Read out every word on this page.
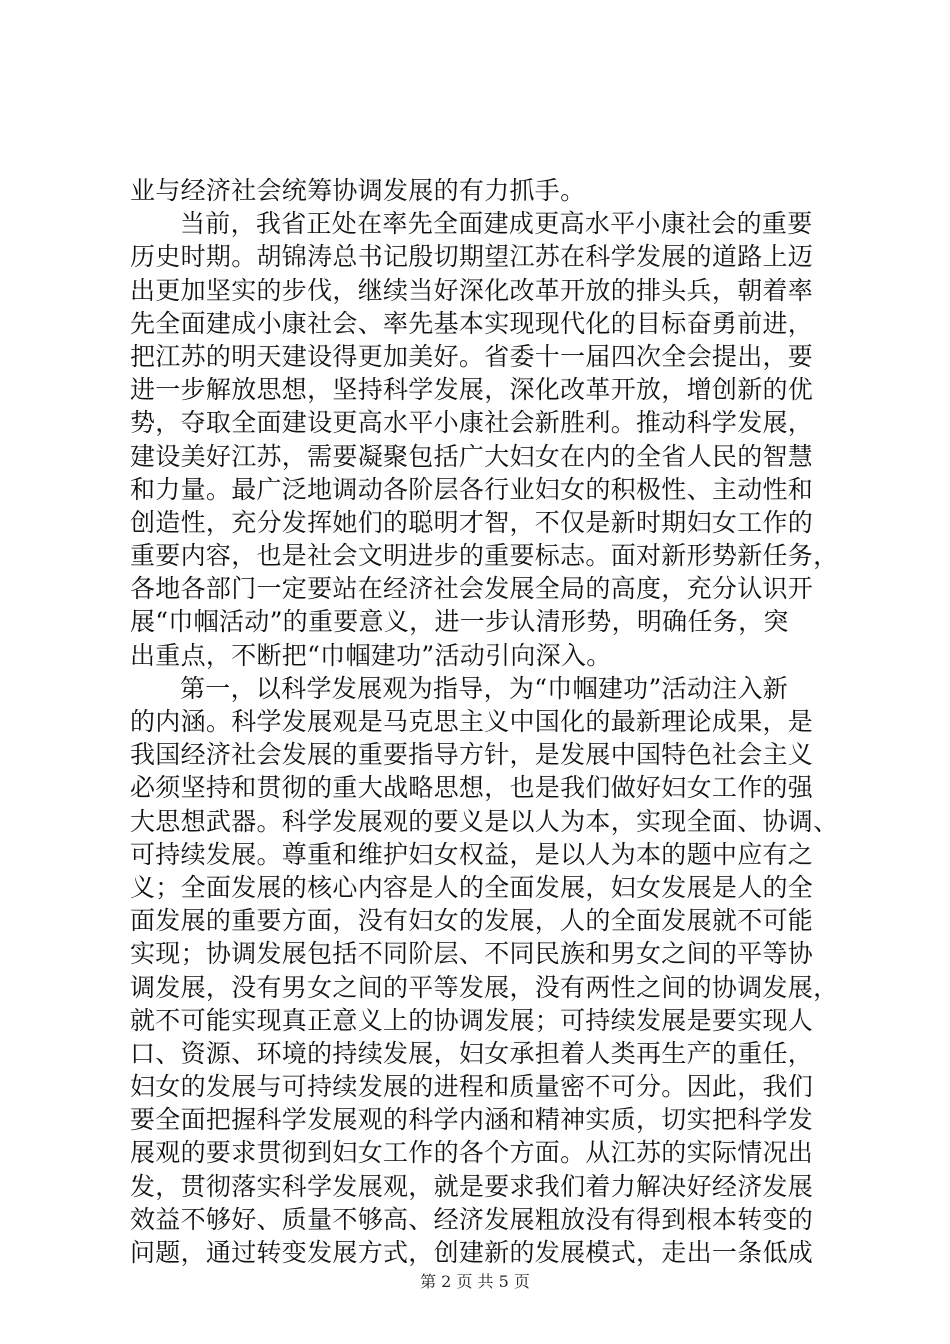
业与经济社会统筹协调发展的有力抓手。
当前，我省正处在率先全面建成更高水平小康社会的重要
历史时期。胡锦涛总书记殷切期望江苏在科学发展的道路上迈
出更加坚实的步伐，继续当好深化改革开放的排头兵，朝着率
先全面建成小康社会、率先基本实现现代化的目标奋勇前进，
把江苏的明天建设得更加美好。省委十一届四次全会提出，要
进一步解放思想，坚持科学发展，深化改革开放，增创新的优
势，夺取全面建设更高水平小康社会新胜利。推动科学发展，
建设美好江苏，需要凝聚包括广大妇女在内的全省人民的智慧
和力量。最广泛地调动各阶层各行业妇女的积极性、主动性和
创造性，充分发挥她们的聪明才智，不仅是新时期妇女工作的
重要内容，也是社会文明进步的重要标志。面对新形势新任务，
各地各部门一定要站在经济社会发展全局的高度，充分认识开
展“巾帼活动”的重要意义，进一步认清形势，明确任务，突
出重点，不断把“巾帼建功”活动引向深入。
第一，以科学发展观为指导，为“巾帼建功”活动注入新
的内涵。科学发展观是马克思主义中国化的最新理论成果，是
我国经济社会发展的重要指导方针，是发展中国特色社会主义
必须坚持和贯彻的重大战略思想，也是我们做好妇女工作的强
大思想武器。科学发展观的要义是以人为本，实现全面、协调、
可持续发展。尊重和维护妇女权益，是以人为本的题中应有之
义；全面发展的核心内容是人的全面发展，妇女发展是人的全
面发展的重要方面，没有妇女的发展，人的全面发展就不可能
实现；协调发展包括不同阶层、不同民族和男女之间的平等协
调发展，没有男女之间的平等发展，没有两性之间的协调发展，
就不可能实现真正意义上的协调发展；可持续发展是要实现人
口、资源、环境的持续发展，妇女承担着人类再生产的重任，
妇女的发展与可持续发展的进程和质量密不可分。因此，我们
要全面把握科学发展观的科学内涵和精神实质，切实把科学发
展观的要求贯彻到妇女工作的各个方面。从江苏的实际情况出
发，贯彻落实科学发展观，就是要求我们着力解决好经济发展
效益不够好、质量不够高、经济发展粗放没有得到根本转变的
问题，通过转变发展方式，创建新的发展模式，走出一条低成
第 2 页 共 5 页
